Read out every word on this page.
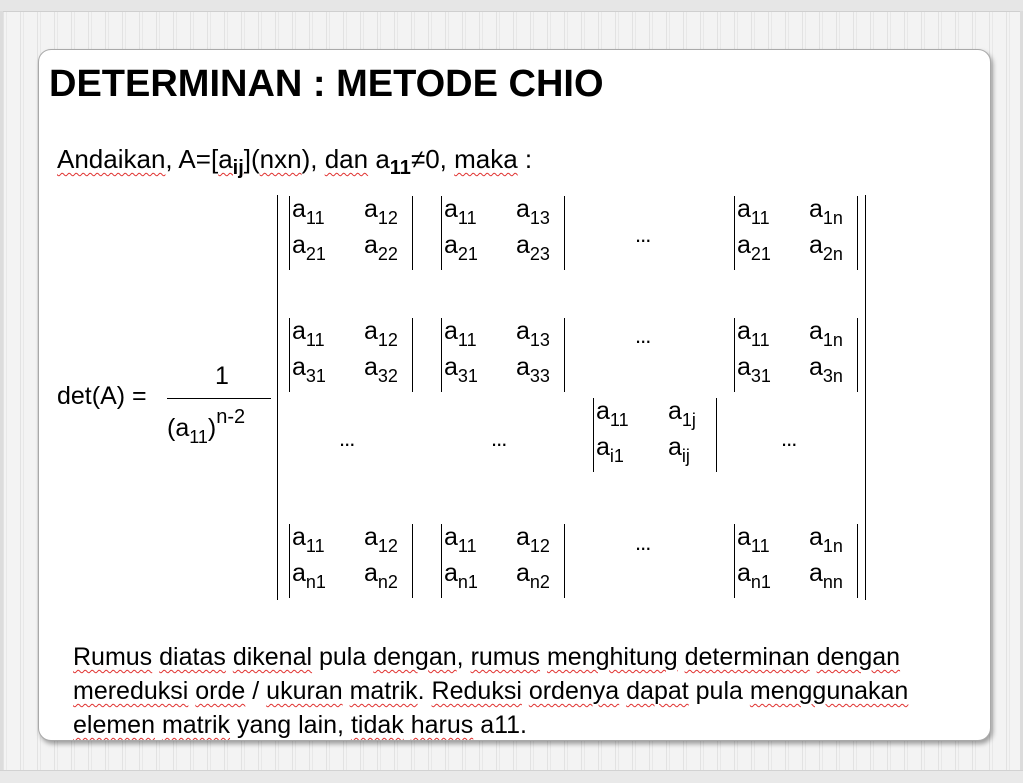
DETERMINAN : METODE CHIO
Andaikan, $A=[a_{ij}](nxn)$, dan $a_{11}\ne 0$, maka :
det(A) =
1
$(a_{11})^{n-2}$
$a_{11}$ $a_{12}$
$a_{21}$ $a_{22}$
$a_{11}$ $a_{13}$
$a_{21}$ $a_{23}$
$a_{11}$ $a_{1n}$
$a_{21}$ $a_{2n}$
$a_{11}$ $a_{12}$
$a_{31}$ $a_{32}$
$a_{11}$ $a_{13}$
$a_{31}$ $a_{33}$
$a_{11}$ $a_{1n}$
$a_{31}$ $a_{3n}$
$a_{11}$ $a_{1j}$
$a_{i1}$ $a_{ij}$
$a_{11}$ $a_{12}$
$a_{n1}$ $a_{n2}$
$a_{11}$ $a_{12}$
$a_{n1}$ $a_{n2}$
$a_{11}$ $a_{1n}$
$a_{n1}$ $a_{nn}$
...
...
...	...	...
...
Rumus diatas dikenal pula dengan, rumus menghitung determinan dengan mereduksi orde / ukuran matrik. Reduksi ordenya dapat pula menggunakan elemen matrik yang lain, tidak harus a11.
